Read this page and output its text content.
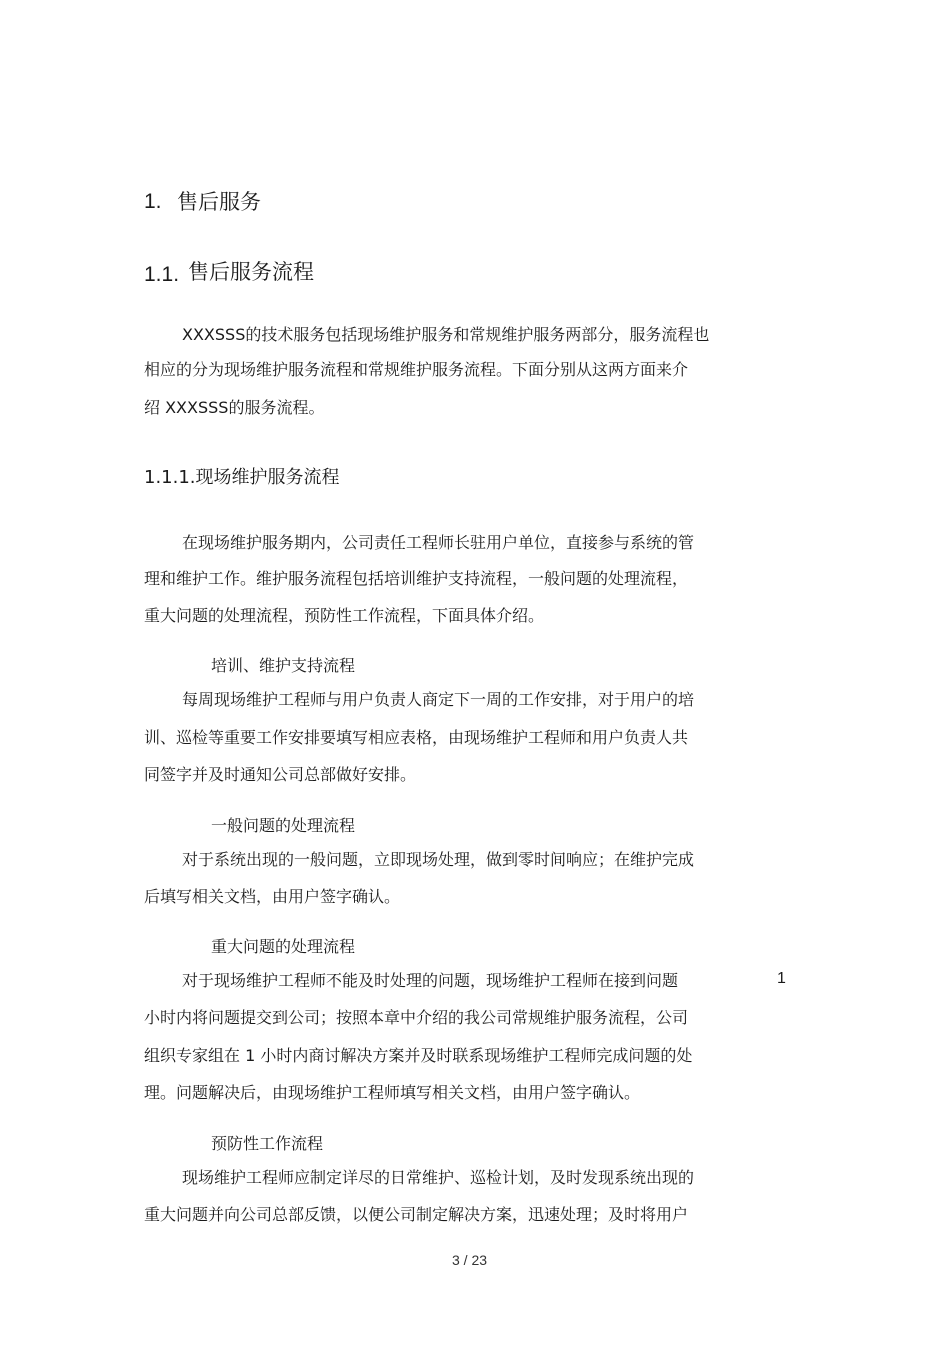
1. 售后服务
1.1. 售后服务流程
XXXSSS的技术服务包括现场维护服务和常规维护服务两部分，服务流程也
相应的分为现场维护服务流程和常规维护服务流程。下面分别从这两方面来介
绍 XXXSSS的服务流程。
1.1.1.现场维护服务流程
在现场维护服务期内，公司责任工程师长驻用户单位，直接参与系统的管
理和维护工作。维护服务流程包括培训维护支持流程，一般问题的处理流程，
重大问题的处理流程，预防性工作流程，下面具体介绍。
培训、维护支持流程
每周现场维护工程师与用户负责人商定下一周的工作安排，对于用户的培
训、巡检等重要工作安排要填写相应表格，由现场维护工程师和用户负责人共
同签字并及时通知公司总部做好安排。
一般问题的处理流程
对于系统出现的一般问题，立即现场处理，做到零时间响应；在维护完成
后填写相关文档，由用户签字确认。
重大问题的处理流程
对于现场维护工程师不能及时处理的问题，现场维护工程师在接到问题	1
小时内将问题提交到公司；按照本章中介绍的我公司常规维护服务流程，公司
组织专家组在 1 小时内商讨解决方案并及时联系现场维护工程师完成问题的处
理。问题解决后，由现场维护工程师填写相关文档，由用户签字确认。
预防性工作流程
现场维护工程师应制定详尽的日常维护、巡检计划，及时发现系统出现的
重大问题并向公司总部反馈，以便公司制定解决方案，迅速处理；及时将用户
3 / 23
